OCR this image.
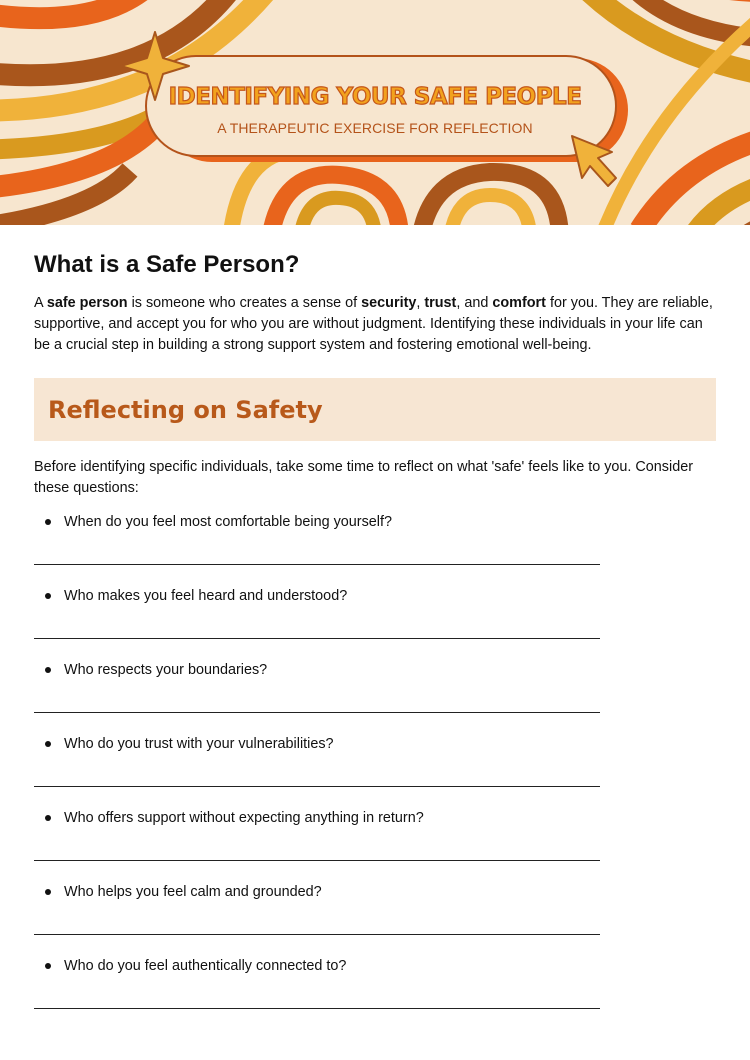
IDENTIFYING YOUR SAFE PEOPLE
A THERAPEUTIC EXERCISE FOR REFLECTION
What is a Safe Person?

A safe person is someone who creates a sense of security, trust, and comfort for you. They are reliable, supportive, and accept you for who you are without judgment. Identifying these individuals in your life can be a crucial step in building a strong support system and fostering emotional well-being.

Reflecting on Safety

Before identifying specific individuals, take some time to reflect on what 'safe' feels like to you. Consider these questions:

When do you feel most comfortable being yourself?
Who makes you feel heard and understood?
Who respects your boundaries?
Who do you trust with your vulnerabilities?
Who offers support without expecting anything in return?
Who helps you feel calm and grounded?
Who do you feel authentically connected to?
